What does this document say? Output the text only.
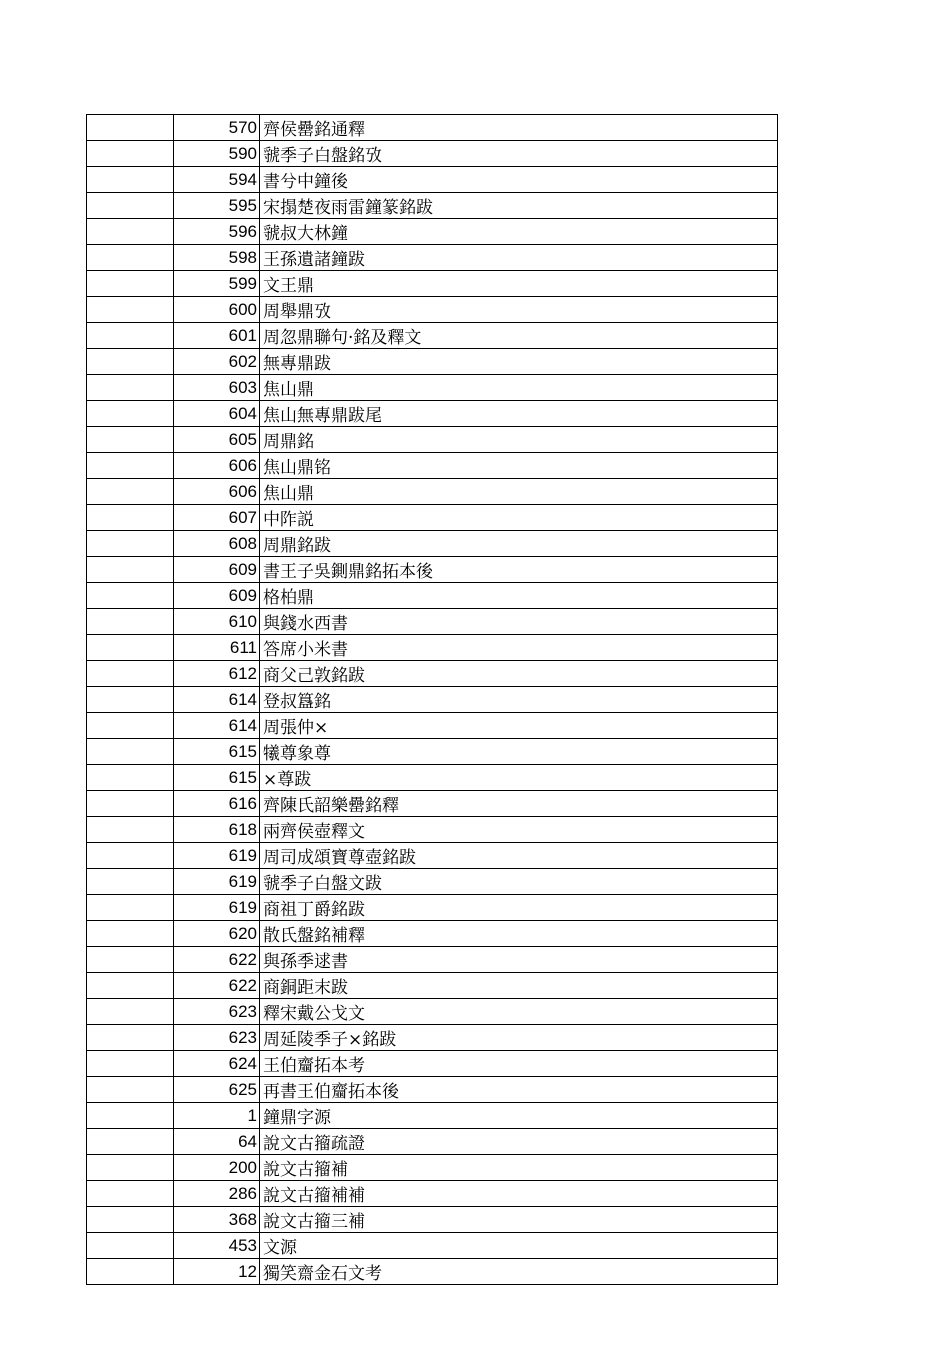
	570	齊侯罍銘通釋
	590	虢季子白盤銘攷
	594	書兮中鐘後
	595	宋搨楚夜雨雷鐘篆銘跋
	596	虢叔大林鐘
	598	王孫遺諸鐘跋
	599	文王鼎
	600	周舉鼎攷
	601	周忽鼎聯句·銘及釋文
	602	無專鼎跋
	603	焦山鼎
	604	焦山無專鼎跋尾
	605	周鼎銘
	606	焦山鼎铭
	606	焦山鼎
	607	中阼説
	608	周鼎銘跋
	609	書王子吳鍘鼎銘拓本後
	609	格柏鼎
	610	與錢水西書
	611	答席小米書
	612	商父己敦銘跋
	614	登叔簋銘
	614	周張仲×
	615	犧尊象尊
	615	×尊跋
	616	齊陳氏韶樂罍銘釋
	618	兩齊侯壺釋文
	619	周司成頌寶尊壺銘跋
	619	虢季子白盤文跋
	619	商祖丁爵銘跋
	620	散氏盤銘補釋
	622	與孫季逑書
	622	商銅距末跋
	623	釋宋戴公戈文
	623	周延陵季子×銘跋
	624	王伯齏拓本考
	625	再書王伯齏拓本後
	1	鐘鼎字源
	64	說文古籀疏證
	200	說文古籀補
	286	說文古籀補補
	368	說文古籀三補
	453	文源
	12	獨笑齋金石文考
